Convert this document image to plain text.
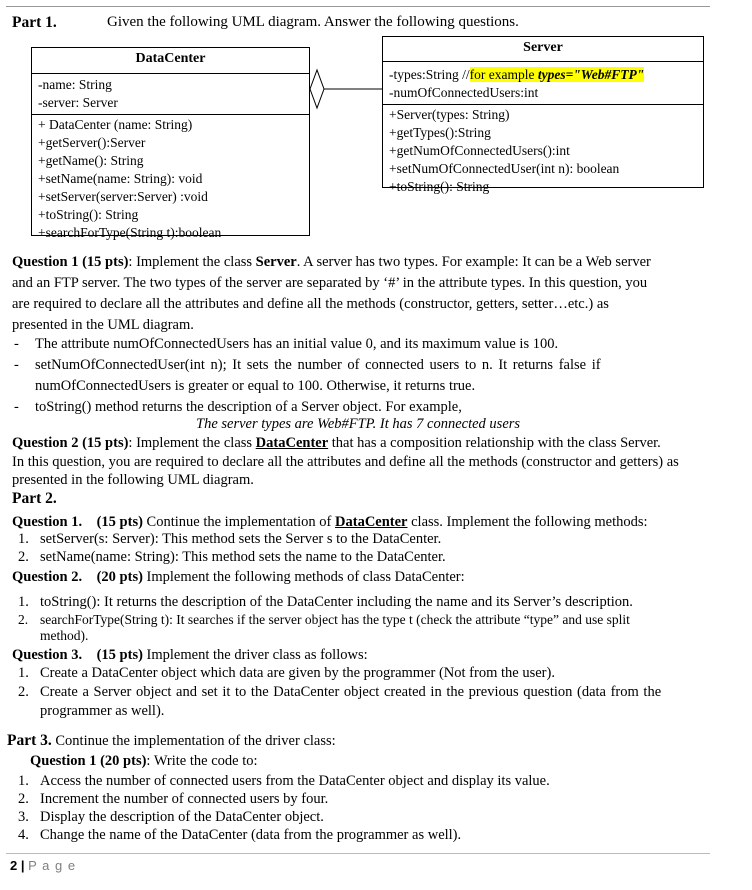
Part 1.	Given the following UML diagram. Answer the following questions.
DataCenter
-name: String
-server: Server
+ DataCenter (name: String)
+getServer():Server
+getName(): String
+setName(name: String): void
+setServer(server:Server) :void
+toString(): String
+searchForType(String t):boolean
Server
-types:String //for example types="Web#FTP"
-numOfConnectedUsers:int
+Server(types: String)
+getTypes():String
+getNumOfConnectedUsers():int
+setNumOfConnectedUser(int n): boolean
+toString(): String
Question 1 (15 pts): Implement the class Server. A server has two types. For example: It can be a Web server
and an FTP server. The two types of the server are separated by ‘#’ in the attribute types. In this question, you
are required to declare all the attributes and define all the methods (constructor, getters, setter…etc.) as
presented in the UML diagram.
- The attribute numOfConnectedUsers has an initial value 0, and its maximum value is 100.
- setNumOfConnectedUser(int n); It sets the number of connected users to n. It returns false if
numOfConnectedUsers is greater or equal to 100. Otherwise, it returns true.
- toString() method returns the description of a Server object. For example,
The server types are Web#FTP. It has 7 connected users
Question 2 (15 pts): Implement the class DataCenter that has a composition relationship with the class Server.
In this question, you are required to declare all the attributes and define all the methods (constructor and getters) as
presented in the following UML diagram.
Part 2.
Question 1. (15 pts) Continue the implementation of DataCenter class. Implement the following methods:
1. setServer(s: Server): This method sets the Server s to the DataCenter.
2. setName(name: String): This method sets the name to the DataCenter.
Question 2. (20 pts) Implement the following methods of class DataCenter:
1. toString(): It returns the description of the DataCenter including the name and its Server’s description.
2. searchForType(String t): It searches if the server object has the type t (check the attribute “type” and use split
method).
Question 3. (15 pts) Implement the driver class as follows:
1. Create a DataCenter object which data are given by the programmer (Not from the user).
2. Create a Server object and set it to the DataCenter object created in the previous question (data from the
programmer as well).
Part 3. Continue the implementation of the driver class:
Question 1 (20 pts): Write the code to:
1. Access the number of connected users from the DataCenter object and display its value.
2. Increment the number of connected users by four.
3. Display the description of the DataCenter object.
4. Change the name of the DataCenter (data from the programmer as well).
2 | P a g e
